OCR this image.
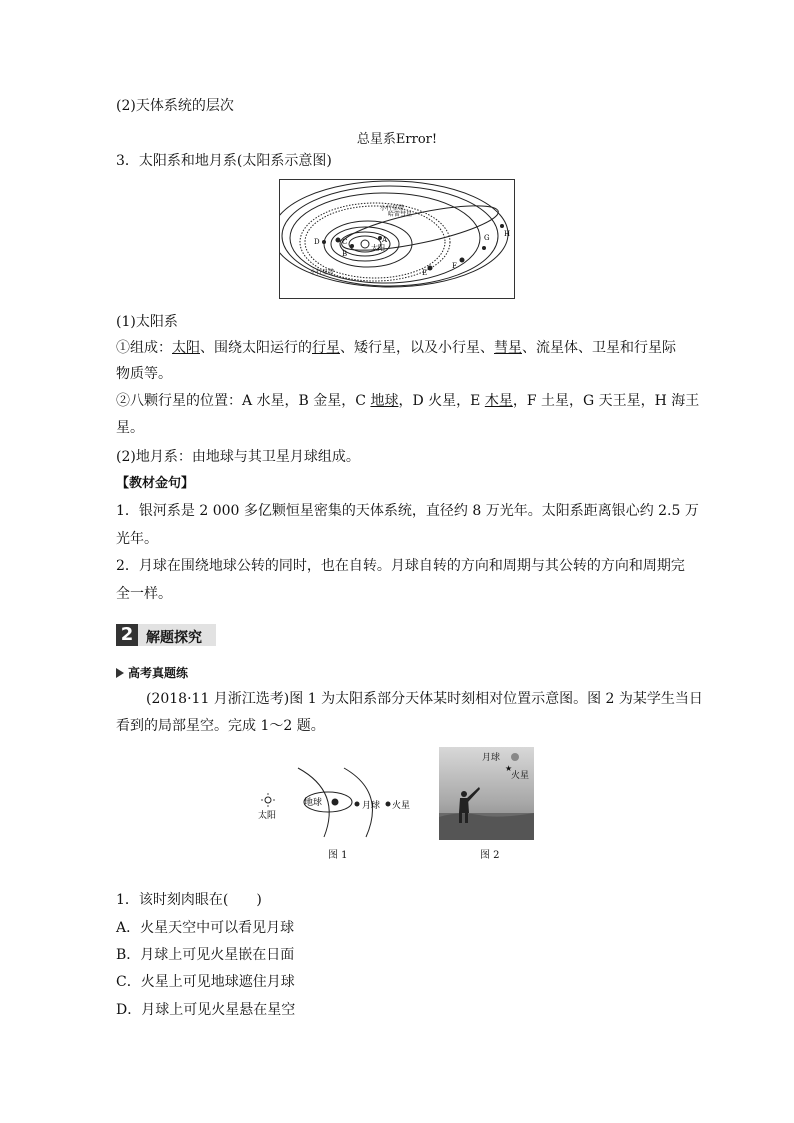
(2)天体系统的层次
总星系Error!
3．太阳系和地月系(太阳系示意图)
太阳
A
B
C
D
E
F
G H
哈雷彗星
小行星带
小行星带
(1)太阳系
①组成：太阳、围绕太阳运行的行星、矮行星，以及小行星、彗星、流星体、卫星和行星际
物质等。
②八颗行星的位置：A 水星，B 金星，C 地球，D 火星，E 木星，F 土星，G 天王星，H 海王
星。
(2)地月系：由地球与其卫星月球组成。
【教材金句】
1．银河系是 2 000 多亿颗恒星密集的天体系统，直径约 8 万光年。太阳系距离银心约 2.5 万
光年。
2．月球在围绕地球公转的同时，也在自转。月球自转的方向和周期与其公转的方向和周期完
全一样。
2 解题探究
高考真题练
(2018·11 月浙江选考)图 1 为太阳系部分天体某时刻相对位置示意图。图 2 为某学生当日
看到的局部星空。完成 1～2 题。
太阳
地球	月球 火星
图 1
★
月球
火星
图 2
1．该时刻肉眼在(　　)
A．火星天空中可以看见月球
B．月球上可见火星嵌在日面
C．火星上可见地球遮住月球
D．月球上可见火星悬在星空
